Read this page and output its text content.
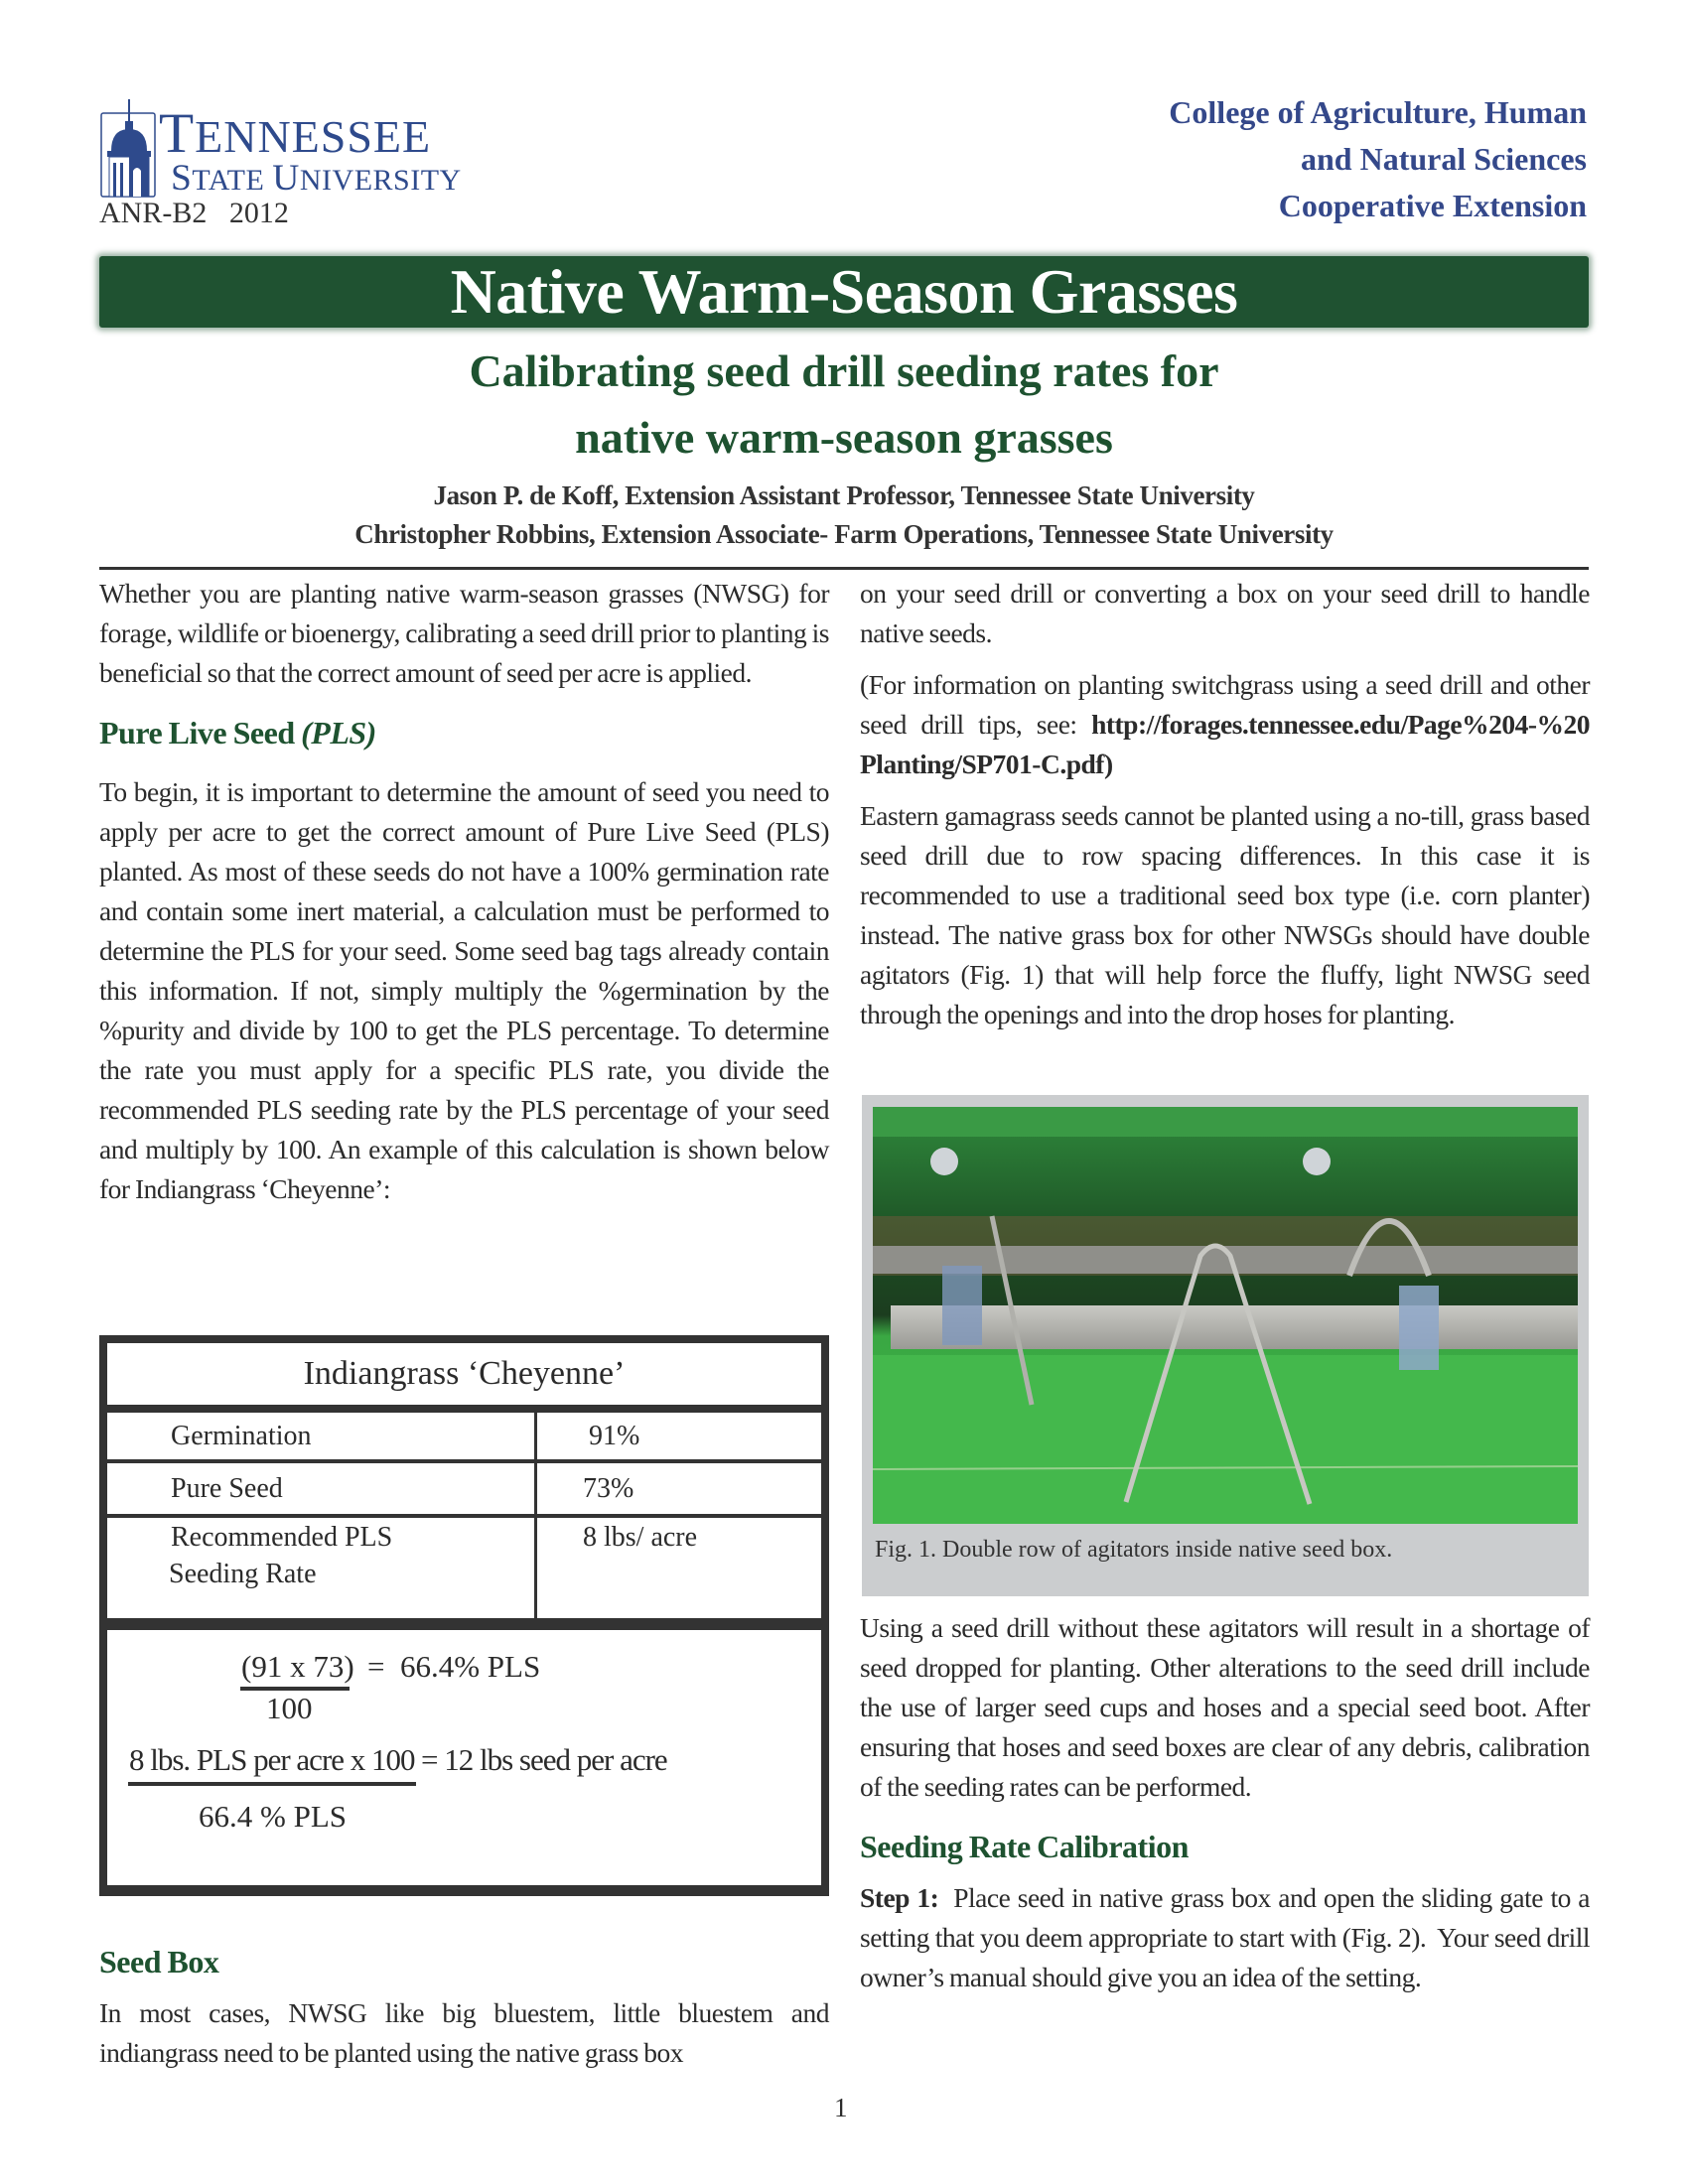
TENNESSEE
STATE UNIVERSITY
ANR-B2   2012
College of Agriculture, Human
and Natural Sciences
Cooperative Extension
Native Warm-Season Grasses
Calibrating seed drill seeding rates for
native warm-season grasses
Jason P. de Koff, Extension Assistant Professor, Tennessee State University
Christopher Robbins, Extension Associate- Farm Operations, Tennessee State University

Whether you are planting native warm-season grasses (NWSG) for forage, wildlife or bioenergy, calibrating a seed drill prior to planting is beneficial so that the correct amount of seed per acre is applied.

Pure Live Seed (PLS)

To begin, it is important to determine the amount of seed you need to apply per acre to get the correct amount of Pure Live Seed (PLS) planted. As most of these seeds do not have a 100% germination rate and contain some inert material, a calculation must be performed to determine the PLS for your seed. Some seed bag tags already contain this information. If not, simply multiply the %germination by the %purity and divide by 100 to get the PLS percentage. To determine the rate you must apply for a specific PLS rate, you divide the recommended PLS seeding rate by the PLS percentage of your seed and multiply by 100. An example of this calculation is shown below for Indiangrass ‘Cheyenne’:

Indiangrass ‘Cheyenne’
Germination	91%
Pure Seed	73%
Recommended PLS
Seeding Rate
8 lbs/ acre
(91 x 73) =  66.4% PLS
100
8 lbs. PLS per acre x 100 = 12 lbs seed per acre
66.4 % PLS

Seed Box

In most cases, NWSG like big bluestem, little bluestem and indiangrass need to be planted using the native grass box

on your seed drill or converting a box on your seed drill to handle native seeds.

(For information on planting switchgrass using a seed drill and other seed drill tips, see: http://forages.tennessee.edu/Page%204-%20 Planting/SP701-C.pdf)

Eastern gamagrass seeds cannot be planted using a no-till, grass based seed drill due to row spacing differences. In this case it is recommended to use a traditional seed box type (i.e. corn planter) instead. The native grass box for other NWSGs should have double agitators (Fig. 1) that will help force the fluffy, light NWSG seed through the openings and into the drop hoses for planting.

Fig. 1. Double row of agitators inside native seed box.

Using a seed drill without these agitators will result in a shortage of seed dropped for planting. Other alterations to the seed drill include the use of larger seed cups and hoses and a special seed boot. After ensuring that hoses and seed boxes are clear of any debris, calibration of the seeding rates can be performed.

Seeding Rate Calibration

Step 1:  Place seed in native grass box and open the sliding gate to a setting that you deem appropriate to start with (Fig. 2).  Your seed drill owner’s manual should give you an idea of the setting.

1
